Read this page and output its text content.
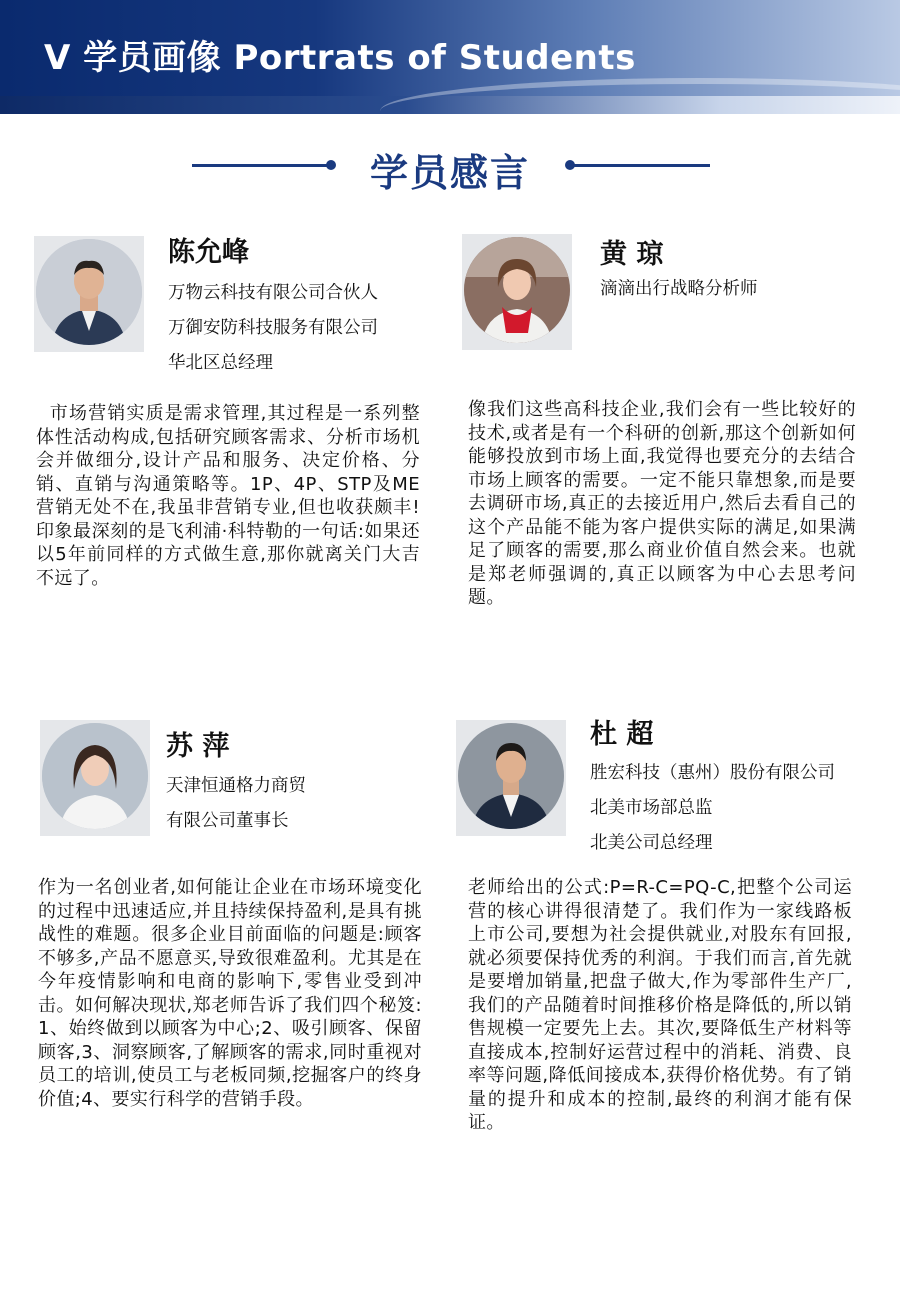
V 学员画像 Portrats of Students
学员感言
陈允峰
万物云科技有限公司合伙人
万御安防科技服务有限公司
华北区总经理
市场营销实质是需求管理,其过程是一系列整体性活动构成,包括研究顾客需求、分析市场机会并做细分,设计产品和服务、决定价格、分销、直销与沟通策略等。1P、4P、STP及ME营销无处不在,我虽非营销专业,但也收获颇丰!印象最深刻的是飞利浦·科特勒的一句话:如果还以5年前同样的方式做生意,那你就离关门大吉不远了。
黄 琼
滴滴出行战略分析师
像我们这些高科技企业,我们会有一些比较好的技术,或者是有一个科研的创新,那这个创新如何能够投放到市场上面,我觉得也要充分的去结合市场上顾客的需要。一定不能只靠想象,而是要去调研市场,真正的去接近用户,然后去看自己的这个产品能不能为客户提供实际的满足,如果满足了顾客的需要,那么商业价值自然会来。也就是郑老师强调的,真正以顾客为中心去思考问题。
苏 萍
天津恒通格力商贸
有限公司董事长
作为一名创业者,如何能让企业在市场环境变化的过程中迅速适应,并且持续保持盈利,是具有挑战性的难题。很多企业目前面临的问题是:顾客不够多,产品不愿意买,导致很难盈利。尤其是在今年疫情影响和电商的影响下,零售业受到冲击。如何解决现状,郑老师告诉了我们四个秘笈:1、始终做到以顾客为中心;2、吸引顾客、保留顾客,3、洞察顾客,了解顾客的需求,同时重视对员工的培训,使员工与老板同频,挖掘客户的终身价值;4、要实行科学的营销手段。
杜 超
胜宏科技（惠州）股份有限公司
北美市场部总监
北美公司总经理
老师给出的公式:P=R-C=PQ-C,把整个公司运营的核心讲得很清楚了。我们作为一家线路板上市公司,要想为社会提供就业,对股东有回报,就必须要保持优秀的利润。于我们而言,首先就是要增加销量,把盘子做大,作为零部件生产厂,我们的产品随着时间推移价格是降低的,所以销售规模一定要先上去。其次,要降低生产材料等直接成本,控制好运营过程中的消耗、消费、良率等问题,降低间接成本,获得价格优势。有了销量的提升和成本的控制,最终的利润才能有保证。
